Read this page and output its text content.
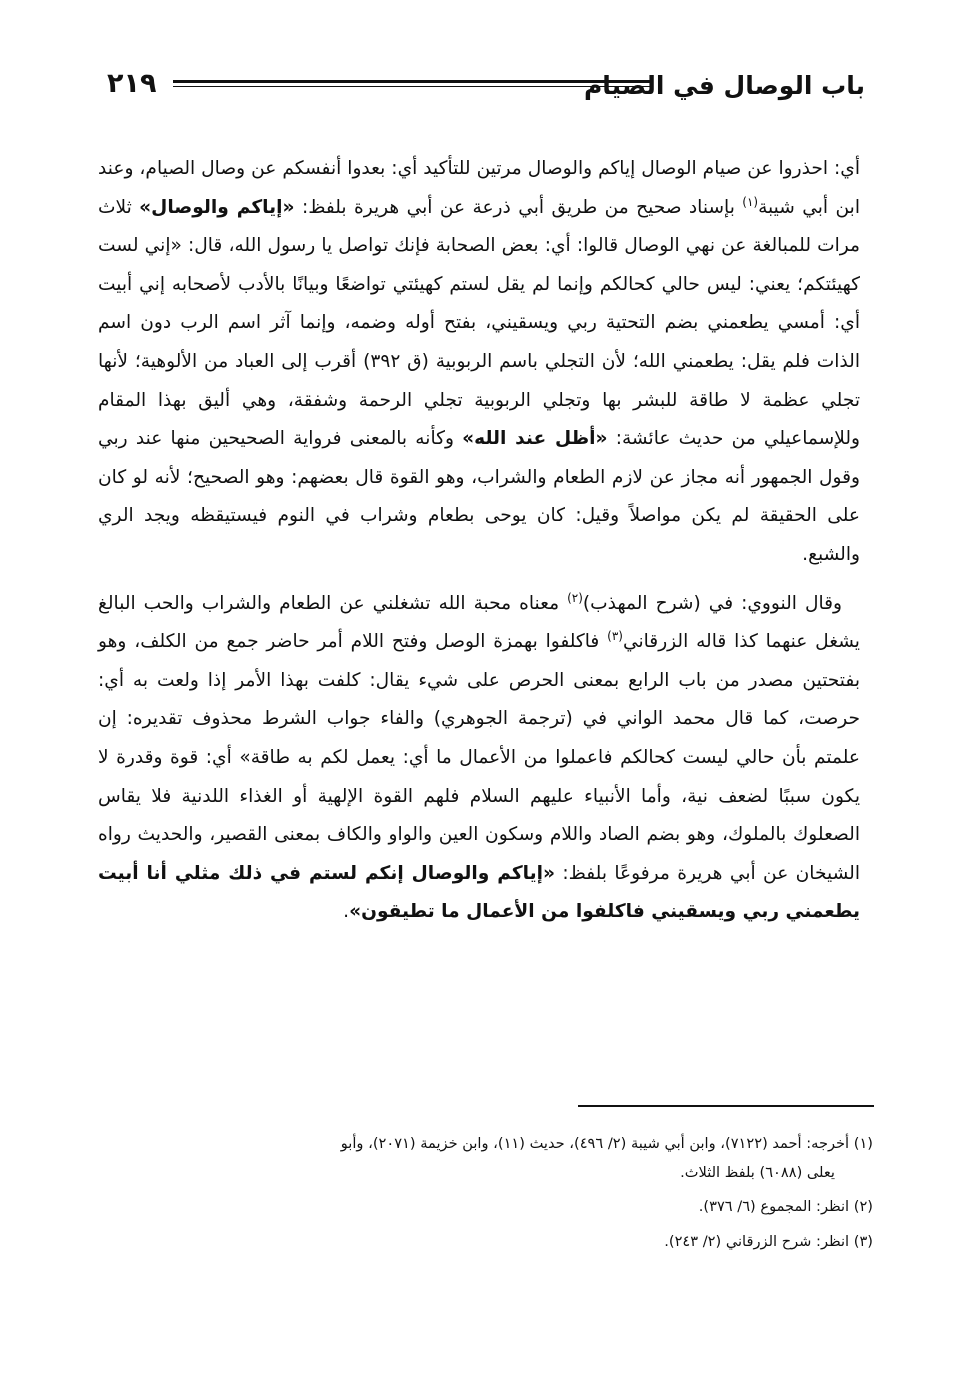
باب الوصال في الصيام
٢١٩

أي: احذروا عن صيام الوصال إياكم والوصال مرتين للتأكيد أي: بعدوا أنفسكم عن وصال الصيام، وعند ابن أبي شيبة$^{(١)}$ بإسناد صحيح من طريق أبي ذرعة عن أبي هريرة بلفظ: «إياكم والوصال» ثلاث مرات للمبالغة عن نهي الوصال قالوا: أي: بعض الصحابة فإنك تواصل يا رسول الله، قال: «إني لست كهيئتكم؛ يعني: ليس حالي كحالكم وإنما لم يقل لستم كهيئتي تواضعًا وبيانًا بالأدب لأصحابه إني أبيت أي: أمسي يطعمني بضم التحتية ربي ويسقيني، بفتح أوله وضمه، وإنما آثر اسم الرب دون اسم الذات فلم يقل: يطعمني الله؛ لأن التجلي باسم الربوبية (ق ٣٩٢) أقرب إلى العباد من الألوهية؛ لأنها تجلي عظمة لا طاقة للبشر بها وتجلي الربوبية تجلي الرحمة وشفقة، وهي أليق بهذا المقام وللإسماعيلي من حديث عائشة: «أظل عند الله» وكأنه بالمعنى فرواية الصحيحين منها عند ربي وقول الجمهور أنه مجاز عن لازم الطعام والشراب، وهو القوة قال بعضهم: وهو الصحيح؛ لأنه لو كان على الحقيقة لم يكن مواصلاً وقيل: كان يوحى بطعام وشراب في النوم فيستيقظه ويجد الري والشبع.

وقال النووي: في (شرح المهذب)$^{(٢)}$ معناه محبة الله تشغلني عن الطعام والشراب والحب البالغ يشغل عنهما كذا قاله الزرقاني$^{(٣)}$ فاكلفوا بهمزة الوصل وفتح اللام أمر حاضر جمع من الكلف، وهو بفتحتين مصدر من باب الرابع بمعنى الحرص على شيء يقال: كلفت بهذا الأمر إذا ولعت به أي: حرصت، كما قال محمد الواني في (ترجمة الجوهري) والفاء جواب الشرط محذوف تقديره: إن علمتم بأن حالي ليست كحالكم فاعملوا من الأعمال ما أي: يعمل لكم به طاقة» أي: قوة وقدرة لا يكون سببًا لضعف نية، وأما الأنبياء عليهم السلام فلهم القوة الإلهية أو الغذاء اللدنية فلا يقاس الصعلوك بالملوك، وهو بضم الصاد واللام وسكون العين والواو والكاف بمعنى القصير، والحديث رواه الشيخان عن أبي هريرة مرفوعًا بلفظ: «إياكم والوصال إنكم لستم في ذلك مثلي أنا أبيت يطعمني ربي ويسقيني فاكلفوا من الأعمال ما تطيقون».

(١) أخرجه: أحمد (٧١٢٢)، وابن أبي شيبة (٢/ ٤٩٦)، حديث (١١)، وابن خزيمة (٢٠٧١)، وأبو
يعلى (٦٠٨٨) بلفظ الثلاث.

(٢) انظر: المجموع (٦/ ٣٧٦).

(٣) انظر: شرح الزرقاني (٢/ ٢٤٣).
